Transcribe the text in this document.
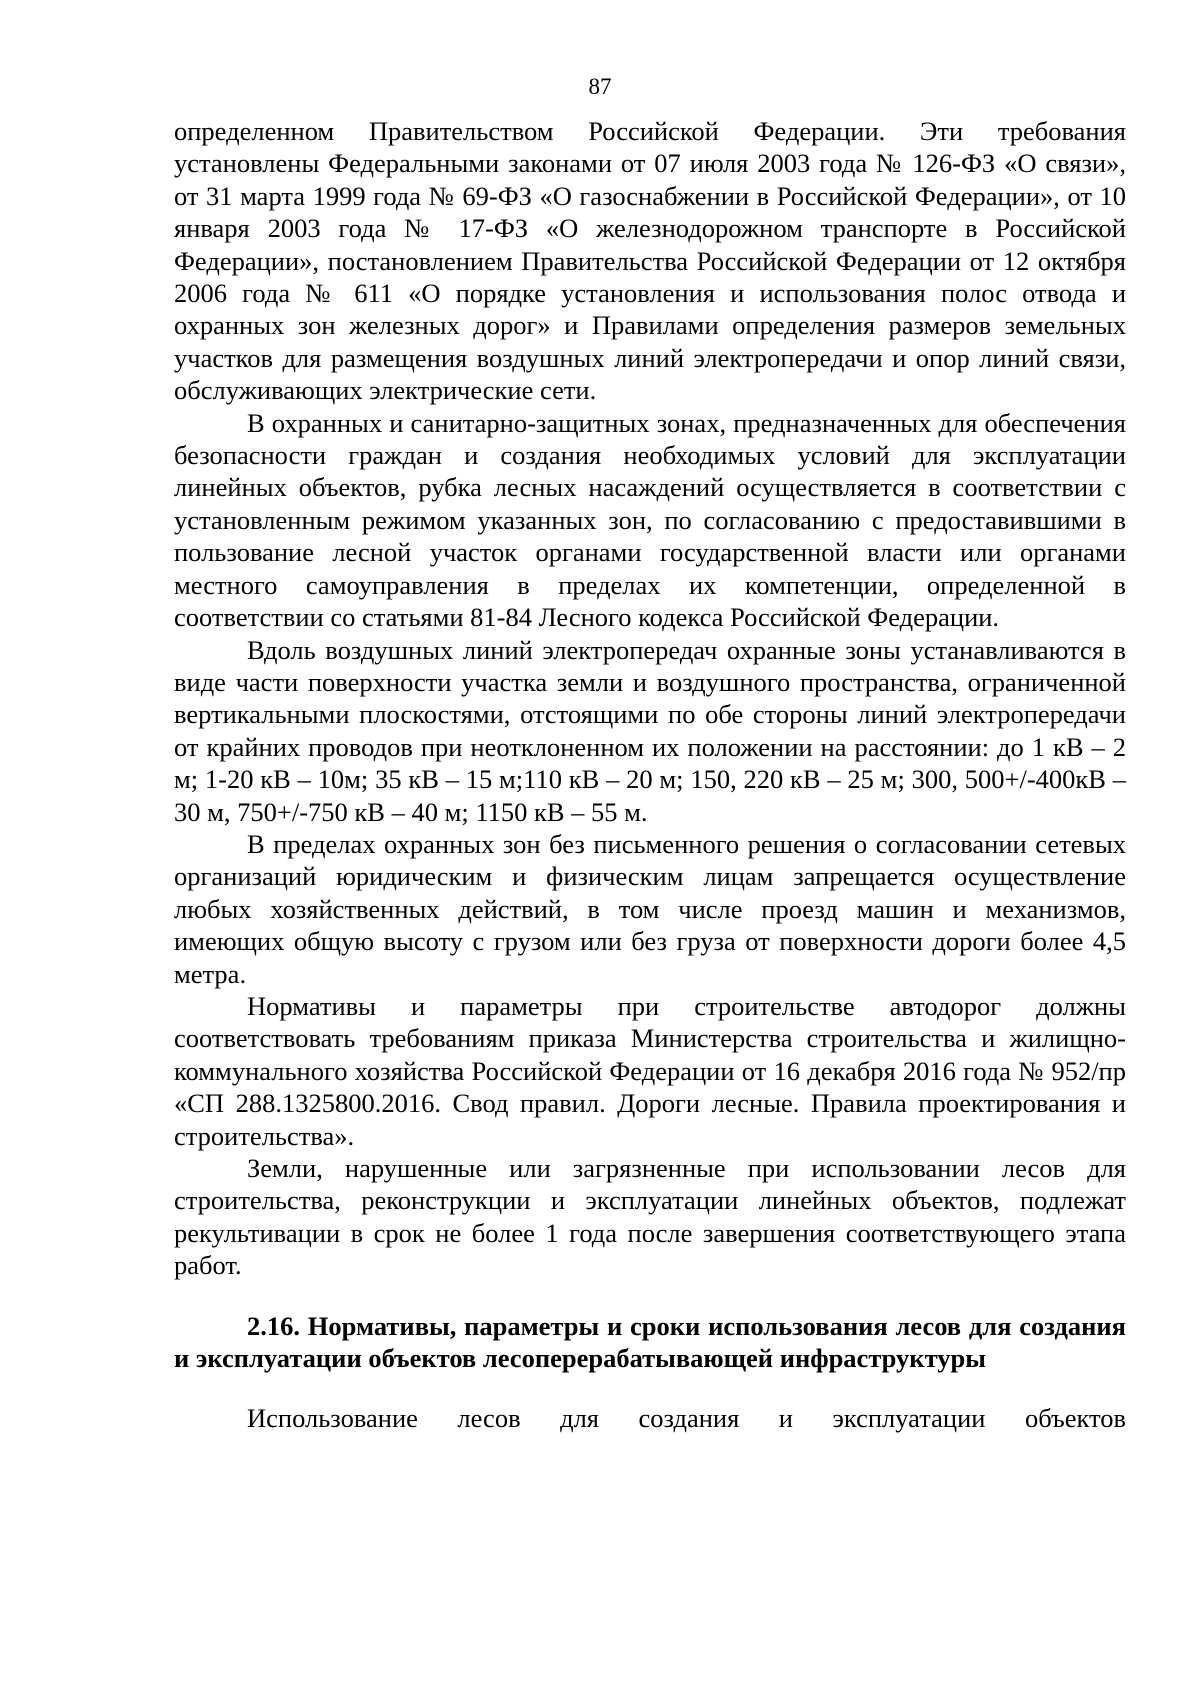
87

определенном Правительством Российской Федерации. Эти требования установлены Федеральными законами от 07 июля 2003 года № 126-ФЗ «О связи», от 31 марта 1999 года № 69-ФЗ «О газоснабжении в Российской Федерации», от 10 января 2003 года № 17-ФЗ «О железнодорожном транспорте в Российской Федерации», постановлением Правительства Российской Федерации от 12 октября 2006 года № 611 «О порядке установления и использования полос отвода и охранных зон железных дорог» и Правилами определения размеров земельных участков для размещения воздушных линий электропередачи и опор линий связи, обслуживающих электрические сети.

В охранных и санитарно-защитных зонах, предназначенных для обеспечения безопасности граждан и создания необходимых условий для эксплуатации линейных объектов, рубка лесных насаждений осуществляется в соответствии с установленным режимом указанных зон, по согласованию с предоставившими в пользование лесной участок органами государственной власти или органами местного самоуправления в пределах их компетенции, определенной в соответствии со статьями 81-84 Лесного кодекса Российской Федерации.

Вдоль воздушных линий электропередач охранные зоны устанавливаются в виде части поверхности участка земли и воздушного пространства, ограниченной вертикальными плоскостями, отстоящими по обе стороны линий электропередачи от крайних проводов при неотклоненном их положении на расстоянии: до 1 кВ – 2 м; 1-20 кВ – 10м; 35 кВ – 15 м;110 кВ – 20 м; 150, 220 кВ – 25 м; 300, 500+/-400кВ – 30 м, 750+/-750 кВ – 40 м; 1150 кВ – 55 м.

В пределах охранных зон без письменного решения о согласовании сетевых организаций юридическим и физическим лицам запрещается осуществление любых хозяйственных действий, в том числе проезд машин и механизмов, имеющих общую высоту с грузом или без груза от поверхности дороги более 4,5 метра.

Нормативы и параметры при строительстве автодорог должны соответствовать требованиям приказа Министерства строительства и жилищно-коммунального хозяйства Российской Федерации от 16 декабря 2016 года № 952/пр «СП 288.1325800.2016. Свод правил. Дороги лесные. Правила проектирования и строительства».

Земли, нарушенные или загрязненные при использовании лесов для строительства, реконструкции и эксплуатации линейных объектов, подлежат рекультивации в срок не более 1 года после завершения соответствующего этапа работ.

2.16. Нормативы, параметры и сроки использования лесов для создания и эксплуатации объектов лесоперерабатывающей инфраструктуры

Использование лесов для создания и эксплуатации объектов
